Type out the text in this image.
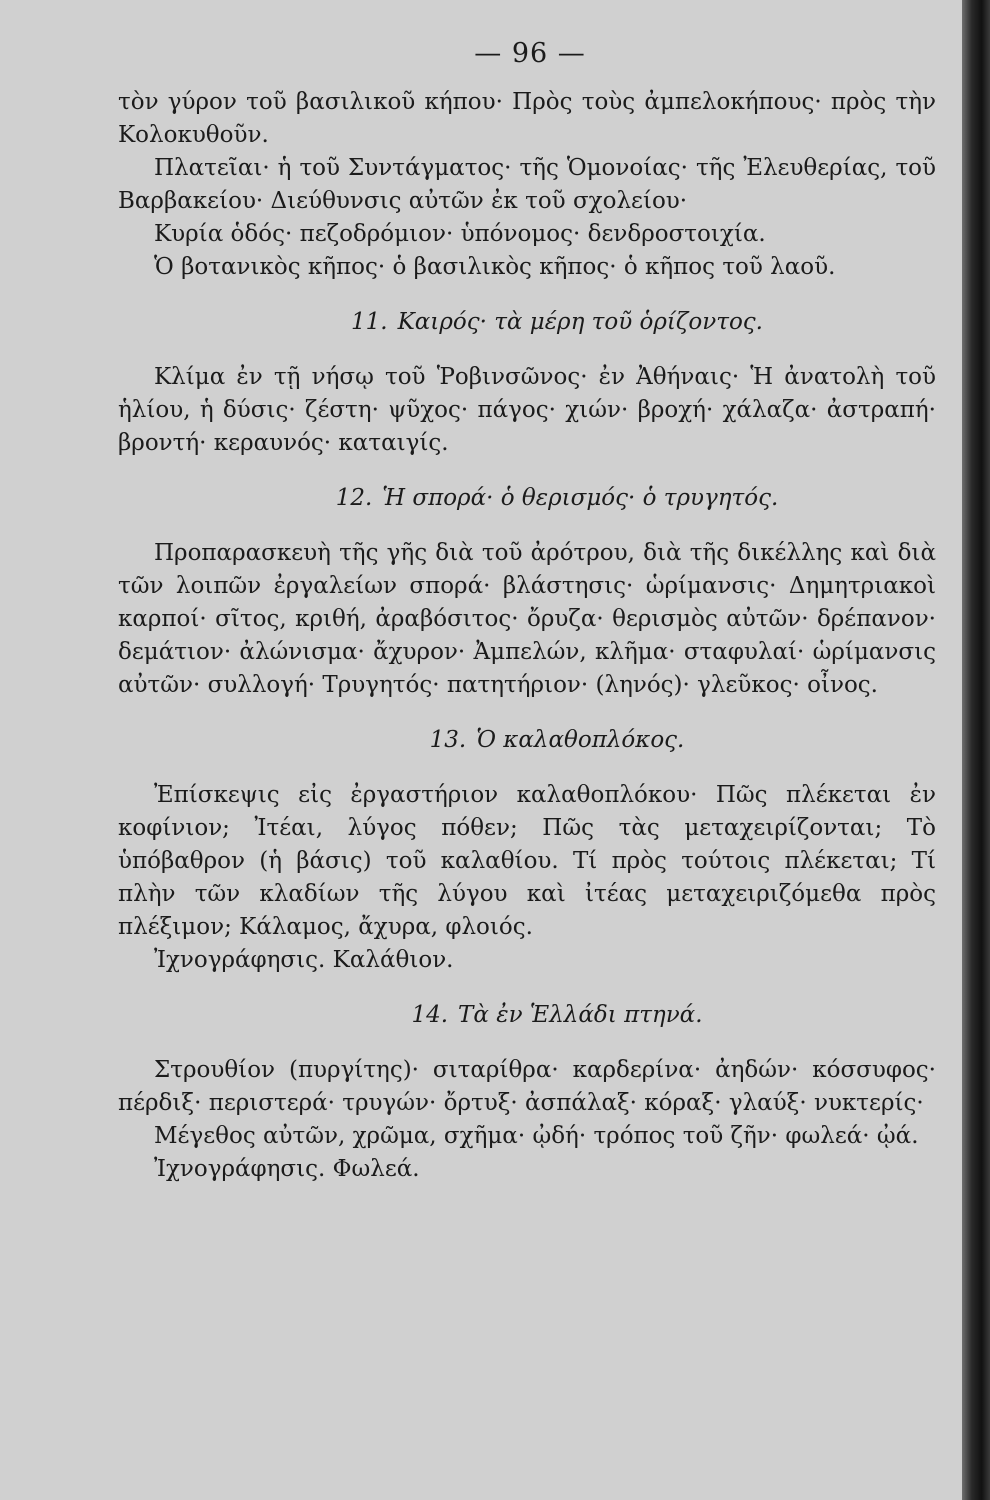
— 96 —

τὸν γύρον τοῦ βασιλικοῦ κήπου· Πρὸς τοὺς ἀμπελοκήπους· πρὸς τὴν Κολοκυθοῦν.

Πλατεῖαι· ἡ τοῦ Συντάγματος· τῆς Ὁμονοίας· τῆς Ἐλευθερίας, τοῦ Βαρβακείου· Διεύθυνσις αὐτῶν ἐκ τοῦ σχολείου·

Κυρία ὁδός· πεζοδρόμιον· ὑπόνομος· δενδροστοιχία.

Ὁ βοτανικὸς κῆπος· ὁ βασιλικὸς κῆπος· ὁ κῆπος τοῦ λαοῦ.

11. Καιρός· τὰ μέρη τοῦ ὁρίζοντος.

Κλίμα ἐν τῇ νήσῳ τοῦ Ῥοβινσῶνος· ἐν Ἀθήναις· Ἡ ἀνατολὴ τοῦ ἡλίου, ἡ δύσις· ζέστη· ψῦχος· πάγος· χιών· βροχή· χάλαζα· ἀστραπή· βροντή· κεραυνός· καταιγίς.

12. Ἡ σπορά· ὁ θερισμός· ὁ τρυγητός.

Προπαρασκευὴ τῆς γῆς διὰ τοῦ ἀρότρου, διὰ τῆς δικέλλης καὶ διὰ τῶν λοιπῶν ἐργαλείων σπορά· βλάστησις· ὡρίμανσις· Δημητριακοὶ καρποί· σῖτος, κριθή, ἀραβόσιτος· ὄρυζα· θερισμὸς αὐτῶν· δρέπανον· δεμάτιον· ἀλώνισμα· ἄχυρον· Ἀμπελών, κλῆμα· σταφυλαί· ὡρίμανσις αὐτῶν· συλλογή· Τρυγητός· πατητήριον· (ληνός)· γλεῦκος· οἶνος.

13. Ὁ καλαθοπλόκος.

Ἐπίσκεψις εἰς ἐργαστήριον καλαθοπλόκου· Πῶς πλέκεται ἐν κοφίνιον; Ἰτέαι, λύγος πόθεν; Πῶς τὰς μεταχειρίζονται; Τὸ ὑπόβαθρον (ἡ βάσις) τοῦ καλαθίου. Τί πρὸς τούτοις πλέκεται; Τί πλὴν τῶν κλαδίων τῆς λύγου καὶ ἰτέας μεταχειριζόμεθα πρὸς πλέξιμον; Κάλαμος, ἄχυρα, φλοιός.

Ἰχνογράφησις. Καλάθιον.

14. Τὰ ἐν Ἑλλάδι πτηνά.

Στρουθίον (πυργίτης)· σιταρίθρα· καρδερίνα· ἀηδών· κόσσυφος· πέρδιξ· περιστερά· τρυγών· ὄρτυξ· ἀσπάλαξ· κόραξ· γλαύξ· νυκτερίς·

Μέγεθος αὐτῶν, χρῶμα, σχῆμα· ᾠδή· τρόπος τοῦ ζῆν· φωλεά· ᾠά.

Ἰχνογράφησις. Φωλεά.
